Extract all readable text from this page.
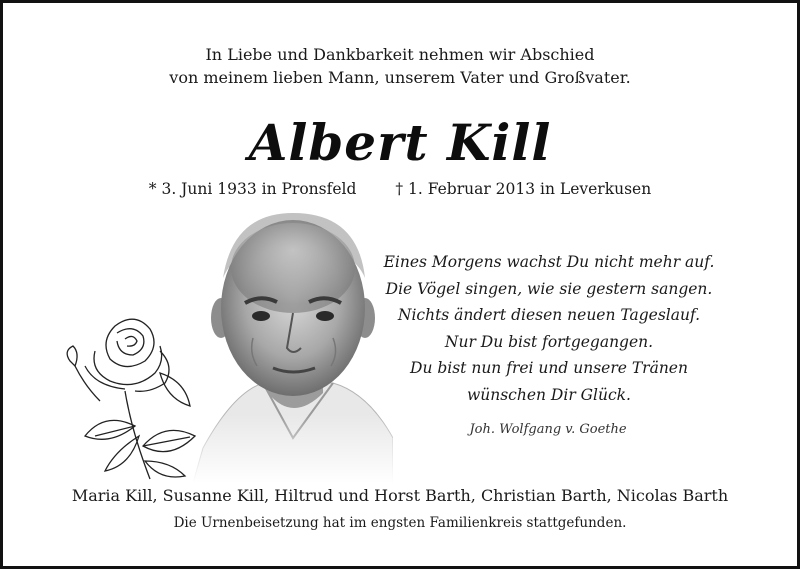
In Liebe und Dankbarkeit nehmen wir Abschied
von meinem lieben Mann, unserem Vater und Großvater.
Albert Kill
* 3. Juni 1933 in Pronsfeld	† 1. Februar 2013 in Leverkusen
Eines Morgens wachst Du nicht mehr auf.
Die Vögel singen, wie sie gestern sangen.
Nichts ändert diesen neuen Tageslauf.
Nur Du bist fortgegangen.
Du bist nun frei und unsere Tränen
wünschen Dir Glück.
Joh. Wolfgang v. Goethe
Maria Kill, Susanne Kill, Hiltrud und Horst Barth, Christian Barth, Nicolas Barth
Die Urnenbeisetzung hat im engsten Familienkreis stattgefunden.
